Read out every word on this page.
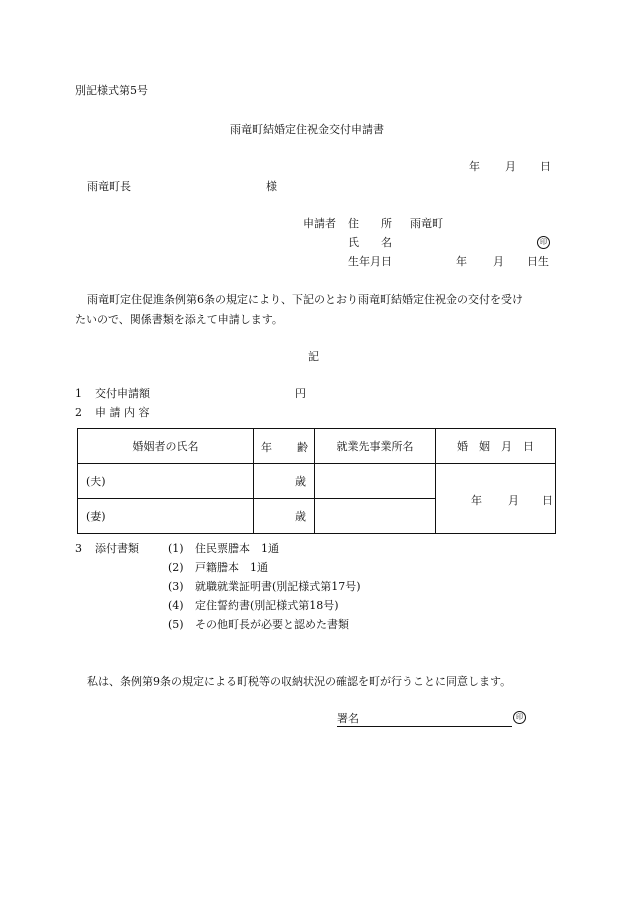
別記様式第5号
雨竜町結婚定住祝金交付申請書
年 月 日
雨竜町長	様
申請者 住　　所 雨竜町
氏　　名	印
生年月日	年 月 日生
雨竜町定住促進条例第6条の規定により、下記のとおり雨竜町結婚定住祝金の交付を受け
たいので、関係書類を添えて申請します。
記
1 交付申請額	円
2 申 請 内 容
婚姻者の氏名	年 齢	就業先事業所名	婚　姻　月　日
(夫)	歳		年 月 日

(妻)	歳		
3 添付書類	(1) 住民票謄本　1通
(2) 戸籍謄本　1通
(3) 就職就業証明書(別記様式第17号)
(4) 定住誓約書(別記様式第18号)
(5) その他町長が必要と認めた書類
私は、条例第9条の規定による町税等の収納状況の確認を町が行うことに同意します。
署名	印
